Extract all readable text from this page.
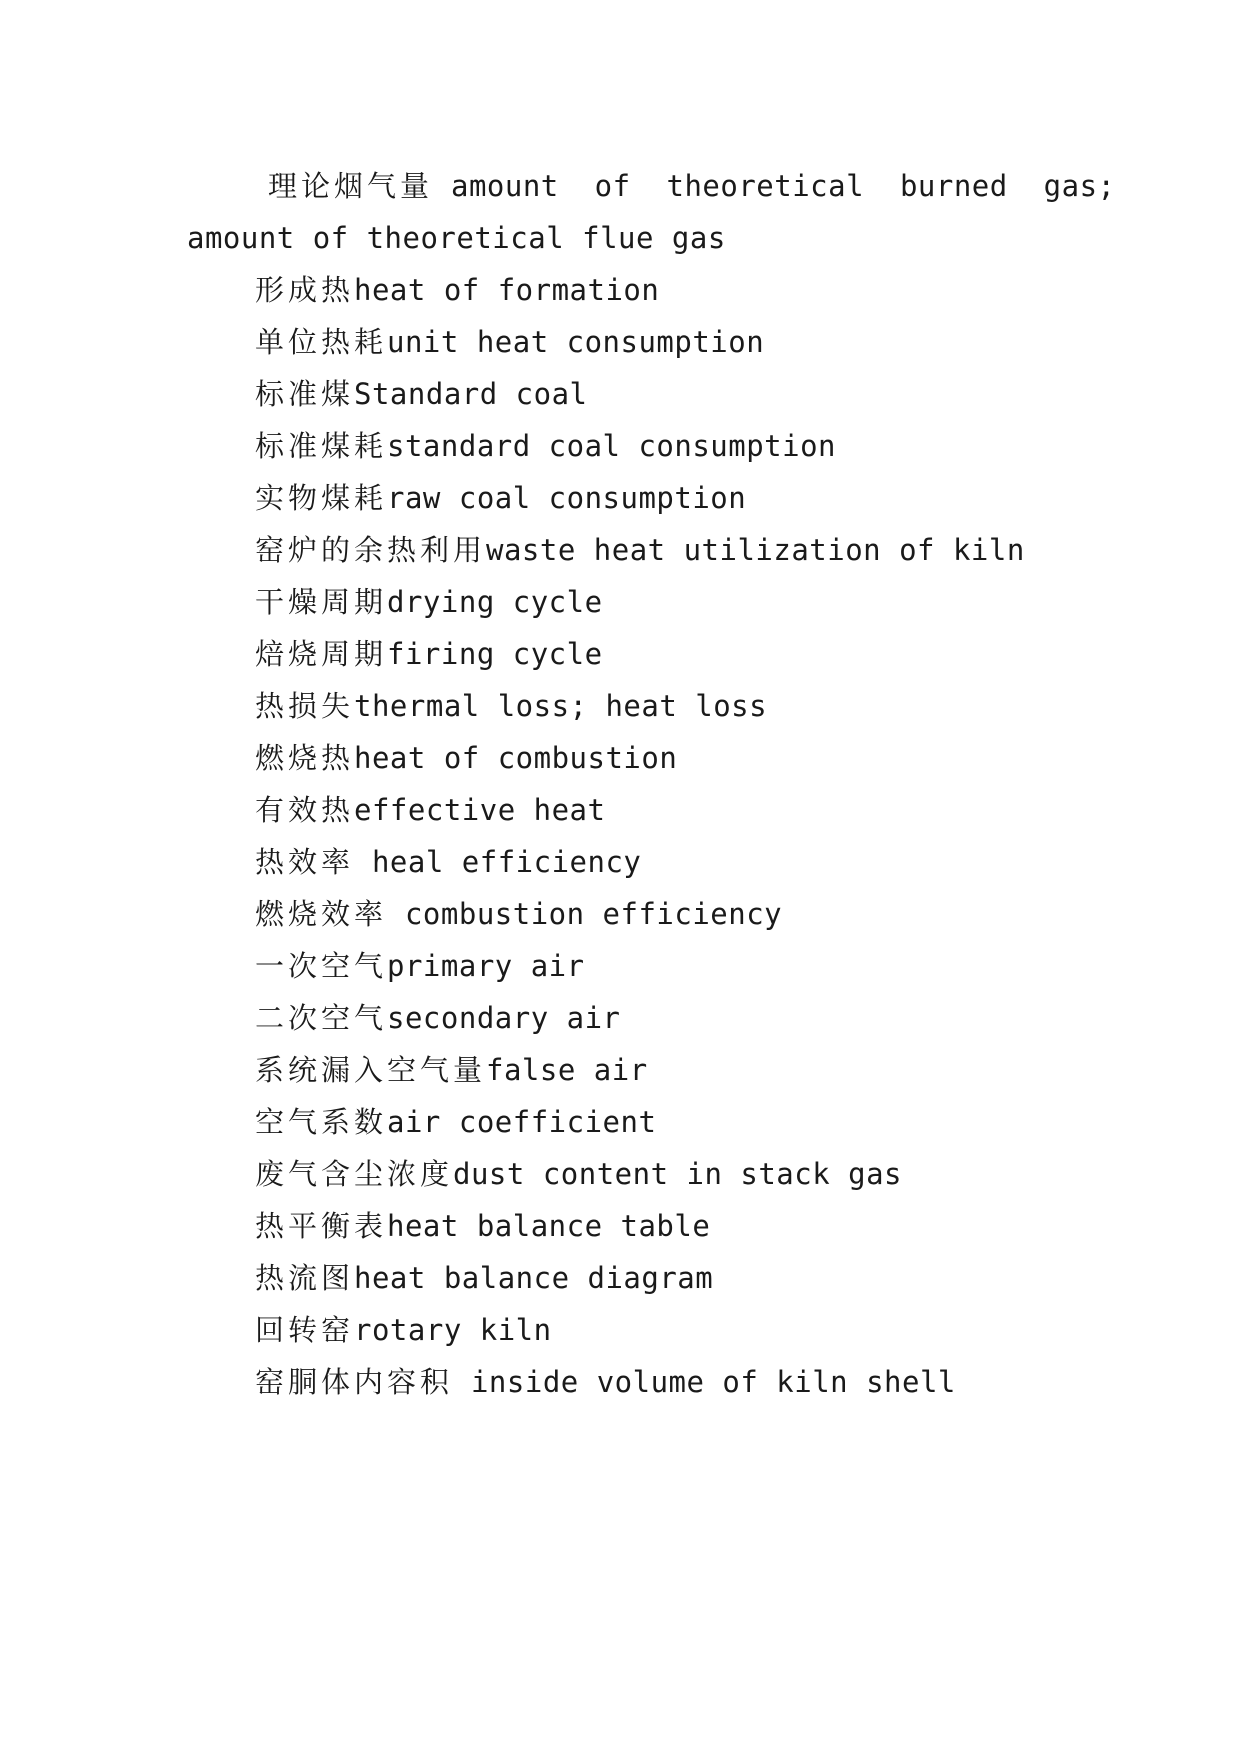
理论烟气量 amount  of  theoretical  burned  gas;
amount of theoretical flue gas
形成热heat of formation
单位热耗unit heat consumption
标准煤Standard coal
标准煤耗standard coal consumption
实物煤耗raw coal consumption
窑炉的余热利用waste heat utilization of kiln
干燥周期drying cycle
焙烧周期firing cycle
热损失thermal loss; heat loss
燃烧热heat of combustion
有效热effective heat
热效率 heal efficiency
燃烧效率 combustion efficiency
一次空气primary air
二次空气secondary air
系统漏入空气量false air
空气系数air coefficient
废气含尘浓度dust content in stack gas
热平衡表heat balance table
热流图heat balance diagram
回转窑rotary kiln
窑胴体内容积 inside volume of kiln shell
